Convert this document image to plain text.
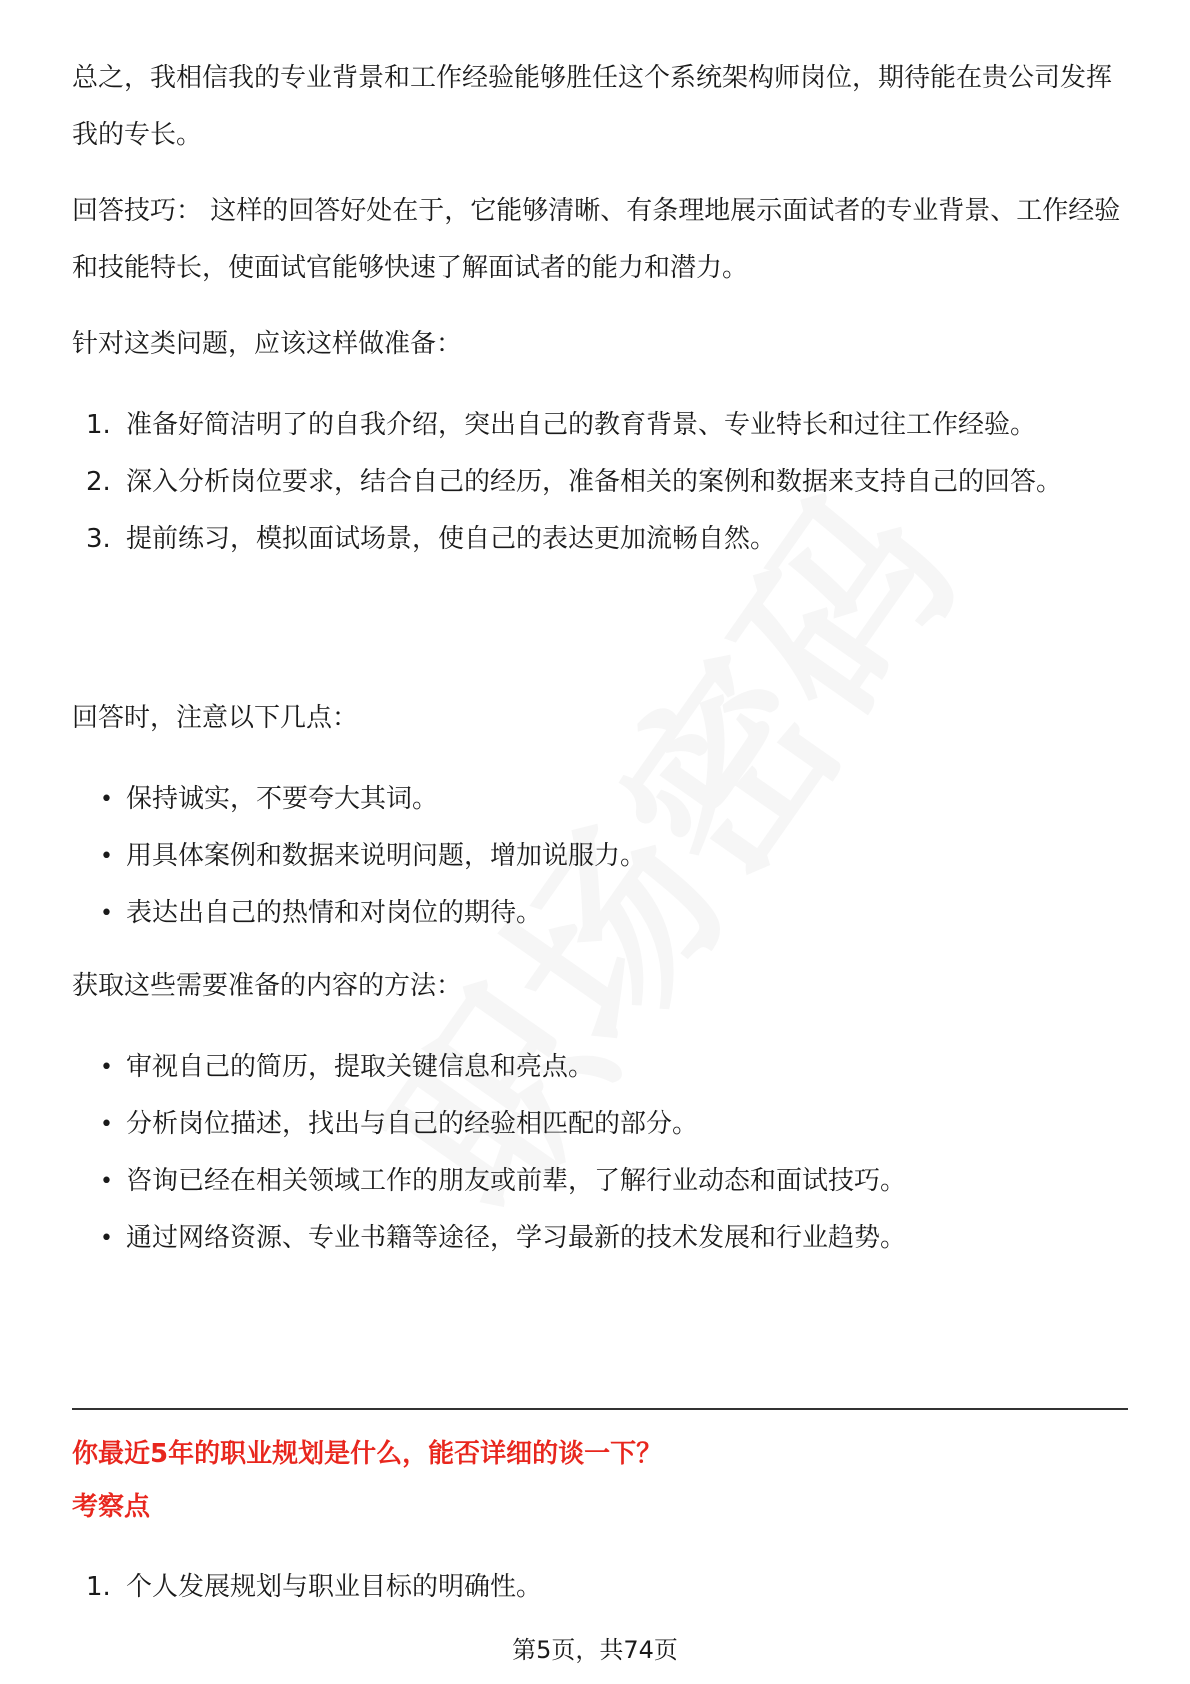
总之，我相信我的专业背景和工作经验能够胜任这个系统架构师岗位，期待能在贵公司发挥我的专长。

回答技巧： 这样的回答好处在于，它能够清晰、有条理地展示面试者的专业背景、工作经验和技能特长，使面试官能够快速了解面试者的能力和潜力。

针对这类问题，应该这样做准备：

1. 准备好简洁明了的自我介绍，突出自己的教育背景、专业特长和过往工作经验。
2. 深入分析岗位要求，结合自己的经历，准备相关的案例和数据来支持自己的回答。
3. 提前练习，模拟面试场景，使自己的表达更加流畅自然。

回答时，注意以下几点：

• 保持诚实，不要夸大其词。
• 用具体案例和数据来说明问题，增加说服力。
• 表达出自己的热情和对岗位的期待。

获取这些需要准备的内容的方法：

• 审视自己的简历，提取关键信息和亮点。
• 分析岗位描述，找出与自己的经验相匹配的部分。
• 咨询已经在相关领域工作的朋友或前辈，了解行业动态和面试技巧。
• 通过网络资源、专业书籍等途径，学习最新的技术发展和行业趋势。
你最近5年的职业规划是什么，能否详细的谈一下？
考察点
1. 个人发展规划与职业目标的明确性。
第5页，共74页
